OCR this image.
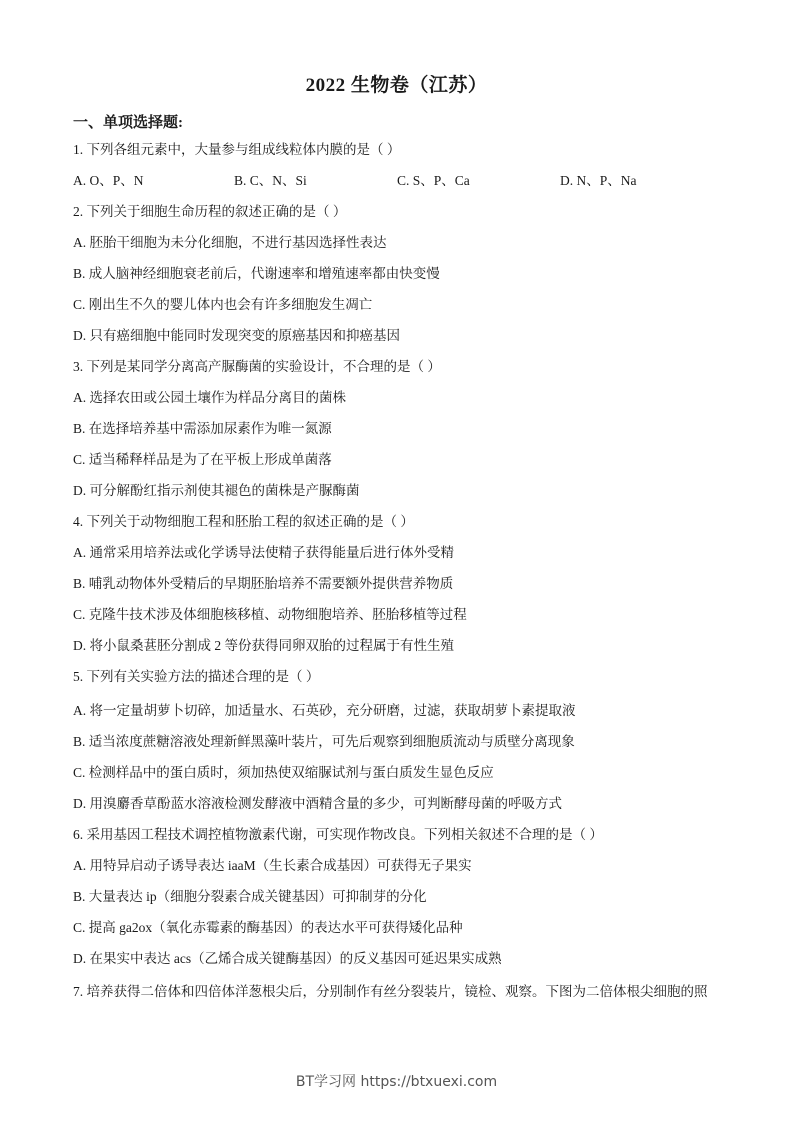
2022 生物卷（江苏）
一、单项选择题:
1. 下列各组元素中，大量参与组成线粒体内膜的是（ ）
A. O、P、N	B. C、N、Si	C. S、P、Ca	D. N、P、Na
2. 下列关于细胞生命历程的叙述正确的是（ ）
A. 胚胎干细胞为未分化细胞，不进行基因选择性表达
B. 成人脑神经细胞衰老前后，代谢速率和增殖速率都由快变慢
C. 刚出生不久的婴儿体内也会有许多细胞发生凋亡
D. 只有癌细胞中能同时发现突变的原癌基因和抑癌基因
3. 下列是某同学分离高产脲酶菌的实验设计，不合理的是（ ）
A. 选择农田或公园土壤作为样品分离目的菌株
B. 在选择培养基中需添加尿素作为唯一氮源
C. 适当稀释样品是为了在平板上形成单菌落
D. 可分解酚红指示剂使其褪色的菌株是产脲酶菌
4. 下列关于动物细胞工程和胚胎工程的叙述正确的是（ ）
A. 通常采用培养法或化学诱导法使精子获得能量后进行体外受精
B. 哺乳动物体外受精后的早期胚胎培养不需要额外提供营养物质
C. 克隆牛技术涉及体细胞核移植、动物细胞培养、胚胎移植等过程
D. 将小鼠桑葚胚分割成 2 等份获得同卵双胎的过程属于有性生殖
5. 下列有关实验方法的描述合理的是（ ）
A. 将一定量胡萝卜切碎，加适量水、石英砂，充分研磨，过滤，获取胡萝卜素提取液
B. 适当浓度蔗糖溶液处理新鲜黑藻叶装片，可先后观察到细胞质流动与质壁分离现象
C. 检测样品中的蛋白质时，须加热使双缩脲试剂与蛋白质发生显色反应
D. 用溴麝香草酚蓝水溶液检测发酵液中酒精含量的多少，可判断酵母菌的呼吸方式
6. 采用基因工程技术调控植物激素代谢，可实现作物改良。下列相关叙述不合理的是（ ）
A. 用特异启动子诱导表达 iaaM（生长素合成基因）可获得无子果实
B. 大量表达 ip（细胞分裂素合成关键基因）可抑制芽的分化
C. 提高 ga2ox（氧化赤霉素的酶基因）的表达水平可获得矮化品种
D. 在果实中表达 acs（乙烯合成关键酶基因）的反义基因可延迟果实成熟
7. 培养获得二倍体和四倍体洋葱根尖后，分别制作有丝分裂装片，镜检、观察。下图为二倍体根尖细胞的照
BT学习网 https://btxuexi.com
